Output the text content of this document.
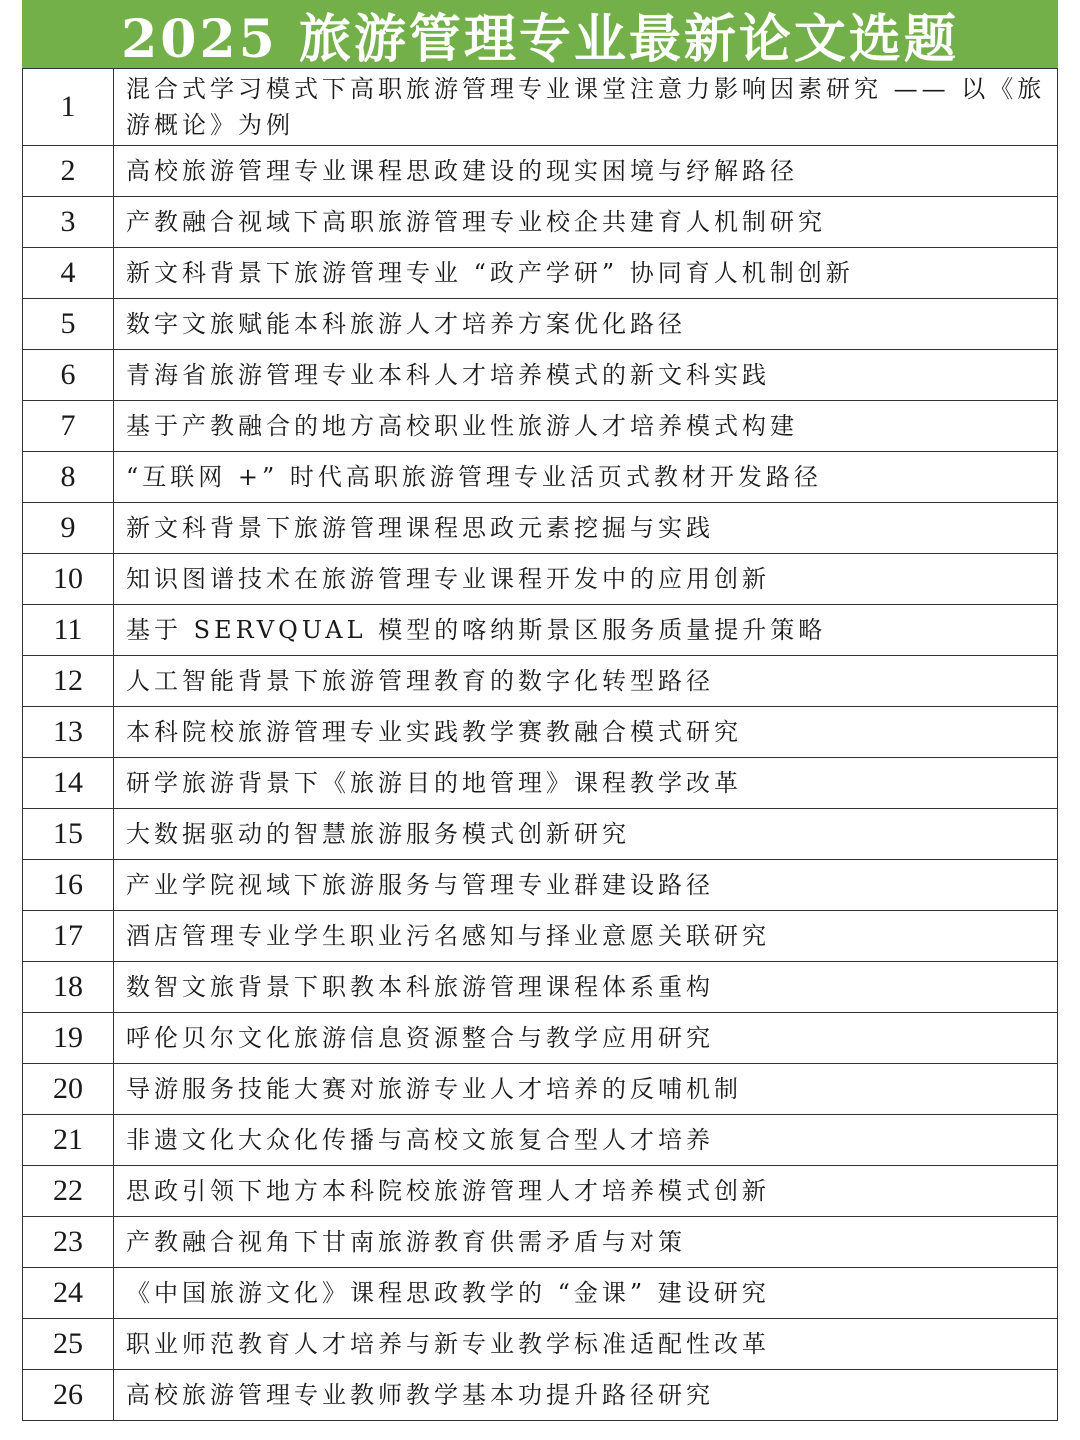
2025 旅游管理专业最新论文选题
1	混合式学习模式下高职旅游管理专业课堂注意力影响因素研究 —— 以《旅游概论》为例
2	高校旅游管理专业课程思政建设的现实困境与纾解路径
3	产教融合视域下高职旅游管理专业校企共建育人机制研究
4	新文科背景下旅游管理专业 “政产学研” 协同育人机制创新
5	数字文旅赋能本科旅游人才培养方案优化路径
6	青海省旅游管理专业本科人才培养模式的新文科实践
7	基于产教融合的地方高校职业性旅游人才培养模式构建
8	“互联网 +” 时代高职旅游管理专业活页式教材开发路径
9	新文科背景下旅游管理课程思政元素挖掘与实践
10	知识图谱技术在旅游管理专业课程开发中的应用创新
11	基于 SERVQUAL 模型的喀纳斯景区服务质量提升策略
12	人工智能背景下旅游管理教育的数字化转型路径
13	本科院校旅游管理专业实践教学赛教融合模式研究
14	研学旅游背景下《旅游目的地管理》课程教学改革
15	大数据驱动的智慧旅游服务模式创新研究
16	产业学院视域下旅游服务与管理专业群建设路径
17	酒店管理专业学生职业污名感知与择业意愿关联研究
18	数智文旅背景下职教本科旅游管理课程体系重构
19	呼伦贝尔文化旅游信息资源整合与教学应用研究
20	导游服务技能大赛对旅游专业人才培养的反哺机制
21	非遗文化大众化传播与高校文旅复合型人才培养
22	思政引领下地方本科院校旅游管理人才培养模式创新
23	产教融合视角下甘南旅游教育供需矛盾与对策
24	《中国旅游文化》课程思政教学的 “金课” 建设研究
25	职业师范教育人才培养与新专业教学标准适配性改革
26	高校旅游管理专业教师教学基本功提升路径研究
